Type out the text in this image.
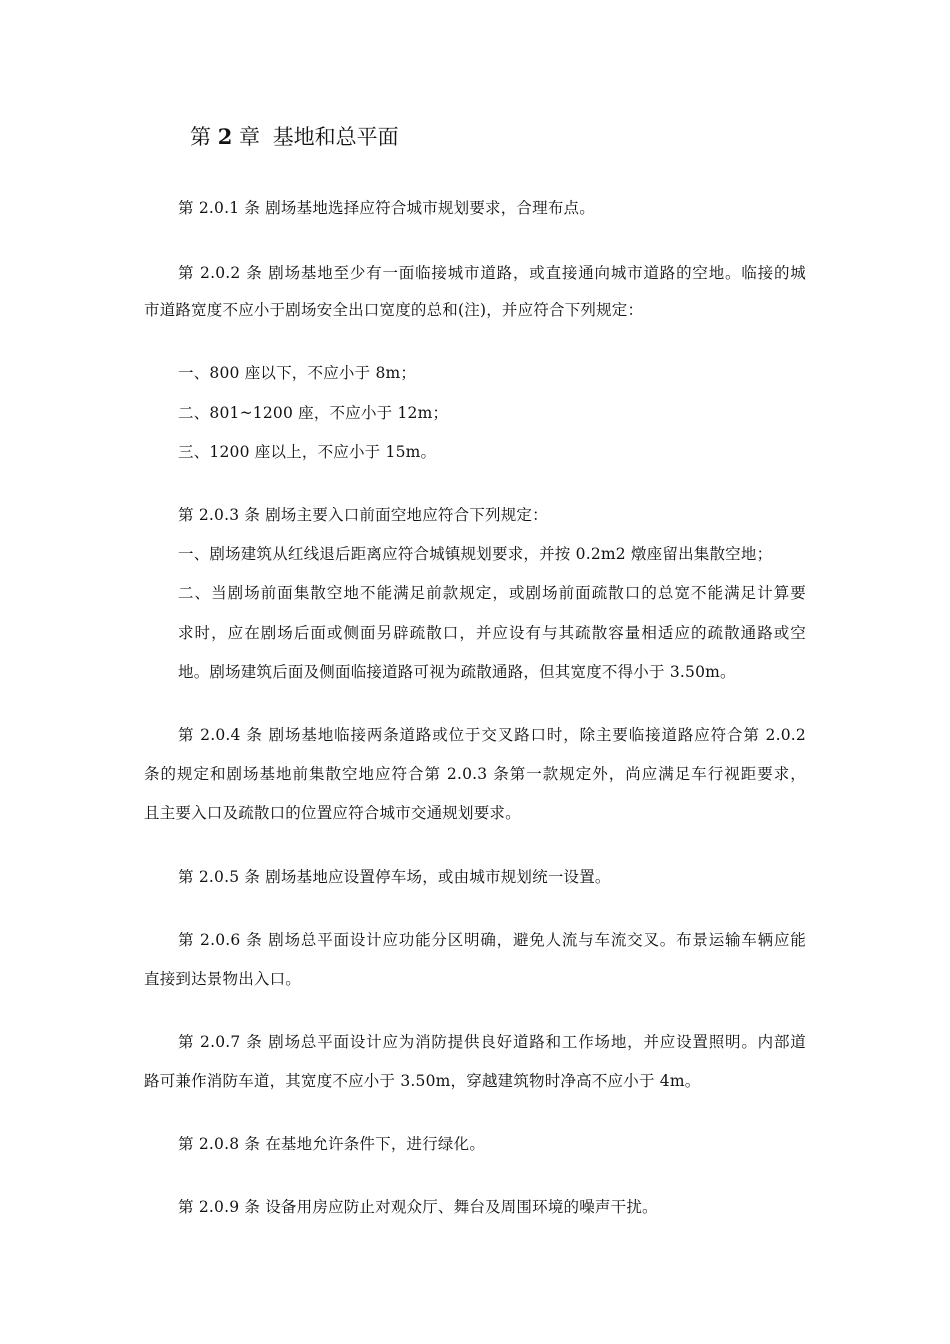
第 2 章 基地和总平面
第 2.0.1 条 剧场基地选择应符合城市规划要求，合理布点。
第 2.0.2 条 剧场基地至少有一面临接城市道路，或直接通向城市道路的空地。临接的城
市道路宽度不应小于剧场安全出口宽度的总和(注)，并应符合下列规定：
一、800 座以下，不应小于 8m；
二、801~1200 座，不应小于 12m；
三、1200 座以上，不应小于 15m。
第 2.0.3 条 剧场主要入口前面空地应符合下列规定：
一、剧场建筑从红线退后距离应符合城镇规划要求，并按 0.2m2 燉座留出集散空地；
二、当剧场前面集散空地不能满足前款规定，或剧场前面疏散口的总宽不能满足计算要
求时，应在剧场后面或侧面另辟疏散口，并应设有与其疏散容量相适应的疏散通路或空
地。剧场建筑后面及侧面临接道路可视为疏散通路，但其宽度不得小于 3.50m。
第 2.0.4 条 剧场基地临接两条道路或位于交叉路口时，除主要临接道路应符合第 2.0.2
条的规定和剧场基地前集散空地应符合第 2.0.3 条第一款规定外，尚应满足车行视距要求，
且主要入口及疏散口的位置应符合城市交通规划要求。
第 2.0.5 条 剧场基地应设置停车场，或由城市规划统一设置。
第 2.0.6 条 剧场总平面设计应功能分区明确，避免人流与车流交叉。布景运输车辆应能
直接到达景物出入口。
第 2.0.7 条 剧场总平面设计应为消防提供良好道路和工作场地，并应设置照明。内部道
路可兼作消防车道，其宽度不应小于 3.50m，穿越建筑物时净高不应小于 4m。
第 2.0.8 条 在基地允许条件下，进行绿化。
第 2.0.9 条 设备用房应防止对观众厅、舞台及周围环境的噪声干扰。
